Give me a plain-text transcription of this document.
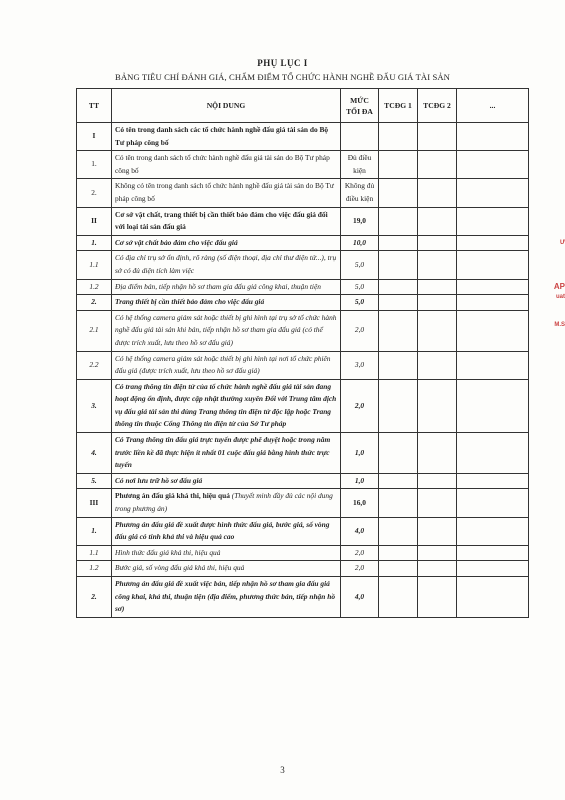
PHỤ LỤC I
BẢNG TIÊU CHÍ ĐÁNH GIÁ, CHẤM ĐIỂM TỔ CHỨC HÀNH NGHỀ ĐẤU GIÁ TÀI SẢN
TT	NỘI DUNG	MỨC TỐI ĐA	TCĐG 1	TCĐG 2	...
I	Có tên trong danh sách các tổ chức hành nghề đấu giá tài sản do Bộ Tư pháp công bố				
1.	Có tên trong danh sách tổ chức hành nghề đấu giá tài sản do Bộ Tư pháp công bố	Đủ điều kiện			
2.	Không có tên trong danh sách tổ chức hành nghề đấu giá tài sản do Bộ Tư pháp công bố	Không đủ điều kiện			
II	Cơ sở vật chất, trang thiết bị cần thiết bảo đảm cho việc đấu giá đối với loại tài sản đấu giá	19,0			
1.	Cơ sở vật chất bảo đảm cho việc đấu giá	10,0			
1.1	Có địa chỉ trụ sở ổn định, rõ ràng (số điện thoại, địa chỉ thư điện tử...), trụ sở có đủ diện tích làm việc	5,0			
1.2	Địa điểm bán, tiếp nhận hồ sơ tham gia đấu giá công khai, thuận tiện	5,0			
2.	Trang thiết bị cần thiết bảo đảm cho việc đấu giá	5,0			
2.1	Có hệ thống camera giám sát hoặc thiết bị ghi hình tại trụ sở tổ chức hành nghề đấu giá tài sản khi bán, tiếp nhận hồ sơ tham gia đấu giá (có thể được trích xuất, lưu theo hồ sơ đấu giá)	2,0			
2.2	Có hệ thống camera giám sát hoặc thiết bị ghi hình tại nơi tổ chức phiên đấu giá (được trích xuất, lưu theo hồ sơ đấu giá)	3,0			
3.	Có trang thông tin điện tử của tổ chức hành nghề đấu giá tài sản đang hoạt động ổn định, được cập nhật thường xuyên Đối với Trung tâm dịch vụ đấu giá tài sản thì dùng Trang thông tin điện tử độc lập hoặc Trang thông tin thuộc Cổng Thông tin điện tử của Sở Tư pháp	2,0			
4.	Có Trang thông tin đấu giá trực tuyến được phê duyệt hoặc trong năm trước liền kề đã thực hiện ít nhất 01 cuộc đấu giá bằng hình thức trực tuyến	1,0			
5.	Có nơi lưu trữ hồ sơ đấu giá	1,0			
III	Phương án đấu giá khả thi, hiệu quả (Thuyết minh đầy đủ các nội dung trong phương án)	16,0			
1.	Phương án đấu giá đề xuất được hình thức đấu giá, bước giá, số vòng đấu giá có tính khả thi và hiệu quả cao	4,0			
1.1	Hình thức đấu giá khả thi, hiệu quả	2,0			
1.2	Bước giá, số vòng đấu giá khả thi, hiệu quả	2,0			
2.	Phương án đấu giá đề xuất việc bán, tiếp nhận hồ sơ tham gia đấu giá công khai, khả thi, thuận tiện (địa điểm, phương thức bán, tiếp nhận hồ sơ)	4,0			
Ư
AP
uat
M.S
3
